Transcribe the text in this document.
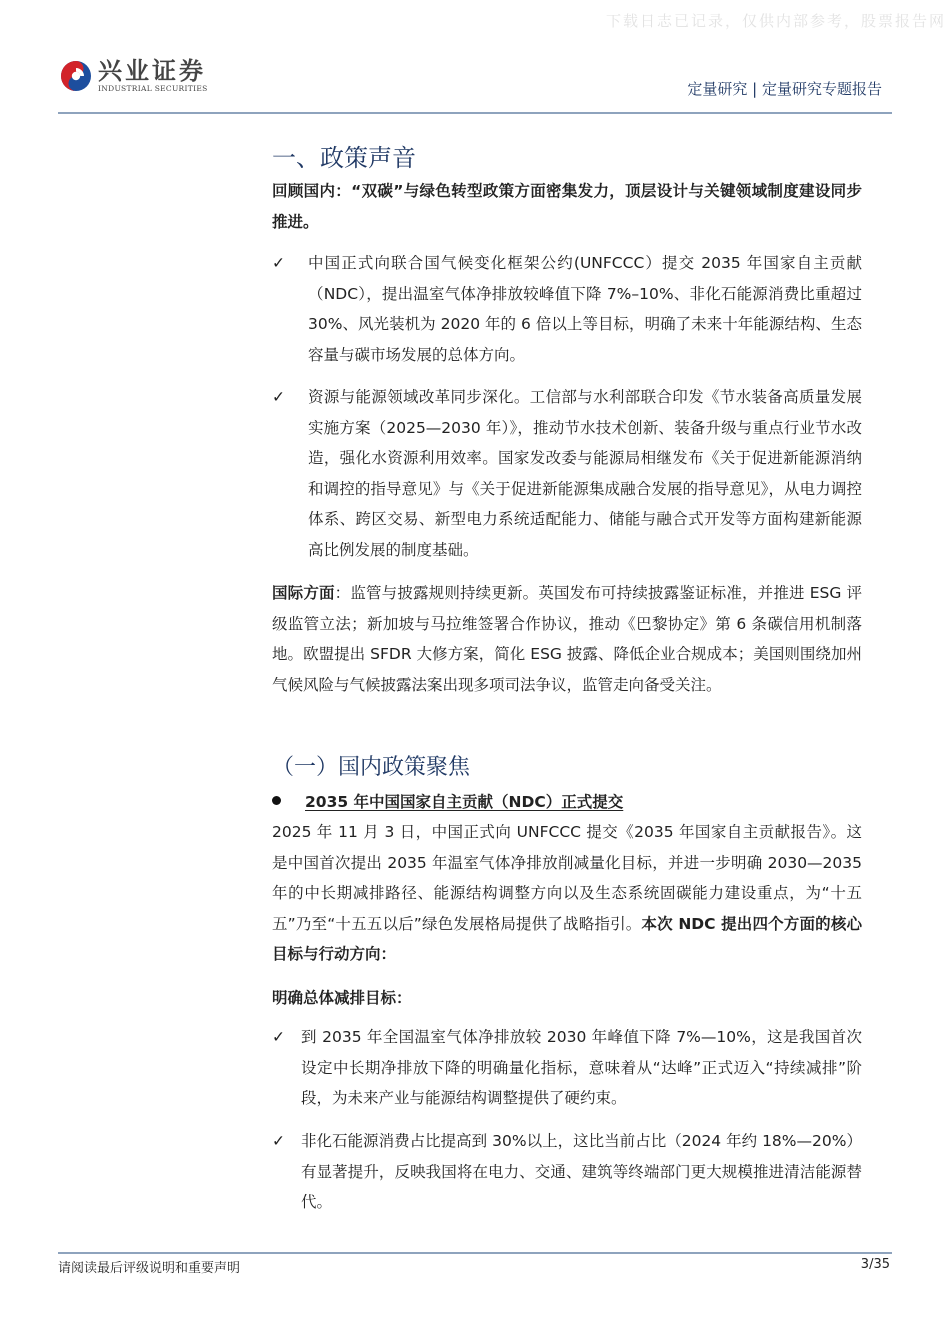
下载日志已记录，仅供内部参考，股票报告网
兴业证券
INDUSTRIAL SECURITIES	定量研究 | 定量研究专题报告
一、政策声音
回顾国内：“双碳”与绿色转型政策方面密集发力，顶层设计与关键领域制度建设同步推进。
✓	中国正式向联合国气候变化框架公约(UNFCCC）提交 2035 年国家自主贡献（NDC），提出温室气体净排放较峰值下降 7%–10%、非化石能源消费比重超过 30%、风光装机为 2020 年的 6 倍以上等目标，明确了未来十年能源结构、生态容量与碳市场发展的总体方向。
✓	资源与能源领域改革同步深化。工信部与水利部联合印发《节水装备高质量发展实施方案（2025—2030 年）》，推动节水技术创新、装备升级与重点行业节水改造，强化水资源利用效率。国家发改委与能源局相继发布《关于促进新能源消纳和调控的指导意见》与《关于促进新能源集成融合发展的指导意见》，从电力调控体系、跨区交易、新型电力系统适配能力、储能与融合式开发等方面构建新能源高比例发展的制度基础。
国际方面：监管与披露规则持续更新。英国发布可持续披露鉴证标准，并推进 ESG 评级监管立法；新加坡与马拉维签署合作协议，推动《巴黎协定》第 6 条碳信用机制落地。欧盟提出 SFDR 大修方案，简化 ESG 披露、降低企业合规成本；美国则围绕加州气候风险与气候披露法案出现多项司法争议，监管走向备受关注。
（一）国内政策聚焦
2035 年中国国家自主贡献（NDC）正式提交
2025 年 11 月 3 日，中国正式向 UNFCCC 提交《2035 年国家自主贡献报告》。这是中国首次提出 2035 年温室气体净排放削减量化目标，并进一步明确 2030—2035 年的中长期减排路径、能源结构调整方向以及生态系统固碳能力建设重点，为“十五五”乃至“十五五以后”绿色发展格局提供了战略指引。本次 NDC 提出四个方面的核心目标与行动方向：
明确总体减排目标：
✓	到 2035 年全国温室气体净排放较 2030 年峰值下降 7%—10%，这是我国首次设定中长期净排放下降的明确量化指标，意味着从“达峰”正式迈入“持续减排”阶段，为未来产业与能源结构调整提供了硬约束。
✓	非化石能源消费占比提高到 30%以上，这比当前占比（2024 年约 18%—20%）有显著提升，反映我国将在电力、交通、建筑等终端部门更大规模推进清洁能源替代。
请阅读最后评级说明和重要声明	3/35
